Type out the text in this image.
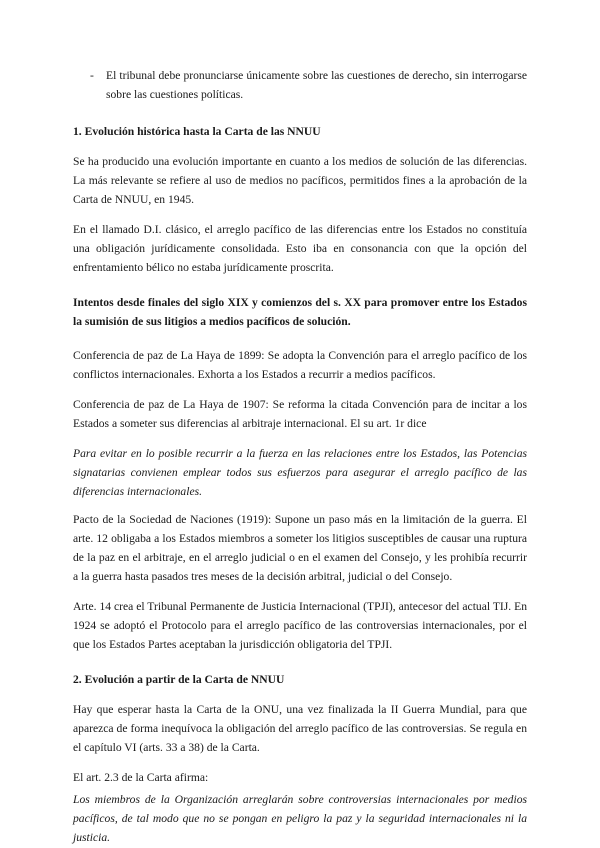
- El tribunal debe pronunciarse únicamente sobre las cuestiones de derecho, sin interrogarse sobre las cuestiones políticas.
1. Evolución histórica hasta la Carta de las NNUU

Se ha producido una evolución importante en cuanto a los medios de solución de las diferencias. La más relevante se refiere al uso de medios no pacíficos, permitidos fines a la aprobación de la Carta de NNUU, en 1945.

En el llamado D.I. clásico, el arreglo pacífico de las diferencias entre los Estados no constituía una obligación jurídicamente consolidada. Esto iba en consonancia con que la opción del enfrentamiento bélico no estaba jurídicamente proscrita.

Intentos desde finales del siglo XIX y comienzos del s. XX para promover entre los Estados la sumisión de sus litigios a medios pacíficos de solución.

Conferencia de paz de La Haya de 1899: Se adopta la Convención para el arreglo pacífico de los conflictos internacionales. Exhorta a los Estados a recurrir a medios pacíficos.

Conferencia de paz de La Haya de 1907: Se reforma la citada Convención para de incitar a los Estados a someter sus diferencias al arbitraje internacional. El su art. 1r dice

Para evitar en lo posible recurrir a la fuerza en las relaciones entre los Estados, las Potencias signatarias convienen emplear todos sus esfuerzos para asegurar el arreglo pacífico de las diferencias internacionales.

Pacto de la Sociedad de Naciones (1919): Supone un paso más en la limitación de la guerra. El arte. 12 obligaba a los Estados miembros a someter los litigios susceptibles de causar una ruptura de la paz en el arbitraje, en el arreglo judicial o en el examen del Consejo, y les prohibía recurrir a la guerra hasta pasados tres meses de la decisión arbitral, judicial o del Consejo.

Arte. 14 crea el Tribunal Permanente de Justicia Internacional (TPJI), antecesor del actual TIJ. En 1924 se adoptó el Protocolo para el arreglo pacífico de las controversias internacionales, por el que los Estados Partes aceptaban la jurisdicción obligatoria del TPJI.

2. Evolución a partir de la Carta de NNUU

Hay que esperar hasta la Carta de la ONU, una vez finalizada la II Guerra Mundial, para que aparezca de forma inequívoca la obligación del arreglo pacífico de las controversias. Se regula en el capítulo VI (arts. 33 a 38) de la Carta.

El art. 2.3 de la Carta afirma:

Los miembros de la Organización arreglarán sobre controversias internacionales por medios pacíficos, de tal modo que no se pongan en peligro la paz y la seguridad internacionales ni la justicia.
